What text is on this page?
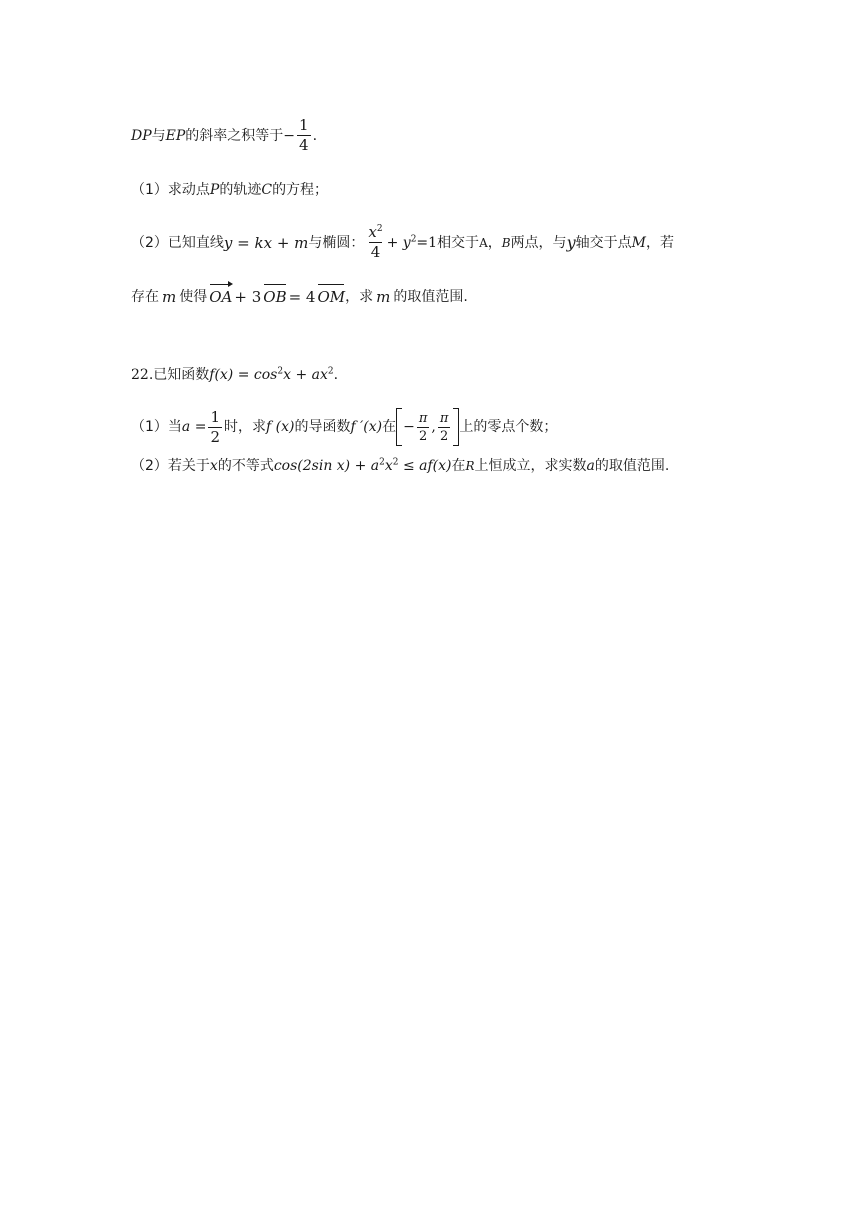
DP 与 EP 的斜率之积等于 − $\frac{1}{4}$ .
（1） 求动点 P 的轨迹 C 的方程；
（2） 已知直线 y = kx + m 与椭圆： $\frac{x^2}{4} + y^2 =1$ 相交于 A ， B 两点，与 y 轴交于点 M ，若
存在 m 使得 OA + 3 OB = 4 OM ，求 m 的取值范围.
22. 已知函数 $f(x) = \cos^2x + ax^2$.
（1） 当 $a = \frac{1}{2}$ 时，求 f (x) 的导函数 f ′(x) 在 − $\frac{\pi}{2}$ , $\frac{\pi}{2}$ 上的零点个数；
（2） 若关于 x 的不等式 cos(2sin $x) + a^2x^2 \le af(x)$ 在 R 上恒成立，求实数 a 的取值范围.
